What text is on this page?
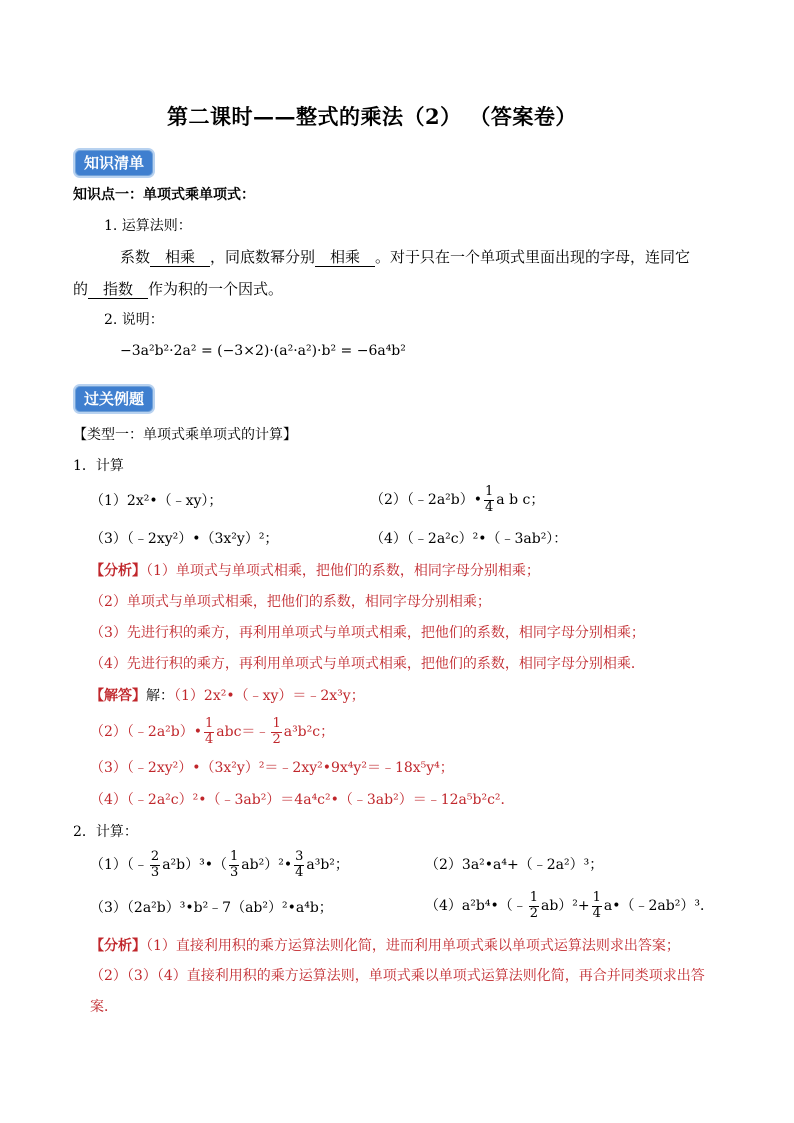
第二课时——整式的乘法（2） （答案卷）
知识清单
知识点一：单项式乘单项式：
1. 运算法则：
系数 相乘 ，同底数幂分别 相乘 。对于只在一个单项式里面出现的字母，连同它
的 指数 作为积的一个因式。
2. 说明：
−3a²b²·2a² = (−3×2)·(a²·a²)·b² = −6a⁴b²
过关例题
【类型一：单项式乘单项式的计算】
1．计算
（1）2x²•（﹣xy）；	（2）（﹣2a²b）• $\frac{1}{4}$ a b c；
（3）（﹣2xy²）•（3x²y）²；	（4）（﹣2a²c）²•（﹣3ab²）：
【分析】（1）单项式与单项式相乘，把他们的系数，相同字母分别相乘；
（2）单项式与单项式相乘，把他们的系数，相同字母分别相乘；
（3）先进行积的乘方，再利用单项式与单项式相乘，把他们的系数，相同字母分别相乘；
（4）先进行积的乘方，再利用单项式与单项式相乘，把他们的系数，相同字母分别相乘．
【解答】解：（1）2x²•（﹣xy）＝﹣2x³y；
（2）（﹣2a²b）• $\frac{1}{4}$ abc＝﹣ $\frac{1}{2} a^3b^2c$；
（3）（﹣2xy²）•（3x²y）²＝﹣2xy²•9x⁴y²＝﹣18x⁵y⁴；
（4）（﹣2a²c）²•（﹣3ab²）＝4a⁴c²•（﹣3ab²）＝﹣12a⁵b²c²．
2．计算：
（1）（﹣ $\frac{2}{3}$ a²b）³•（ $\frac{1}{3}$ ab²）²• $\frac{3}{4} a^3b^2$；	（2）3a²•a⁴+（﹣2a²）³；
（3）（2a²b）³•b²﹣7（ab²）²•a⁴b；	（4）a²b⁴•（﹣ $\frac{1}{2} ab)^2+ \frac{1}{4}$ a•（﹣2ab²）³．
【分析】（1）直接利用积的乘方运算法则化简，进而利用单项式乘以单项式运算法则求出答案；
（2）（3）（4）直接利用积的乘方运算法则，单项式乘以单项式运算法则化简，再合并同类项求出答
案．
